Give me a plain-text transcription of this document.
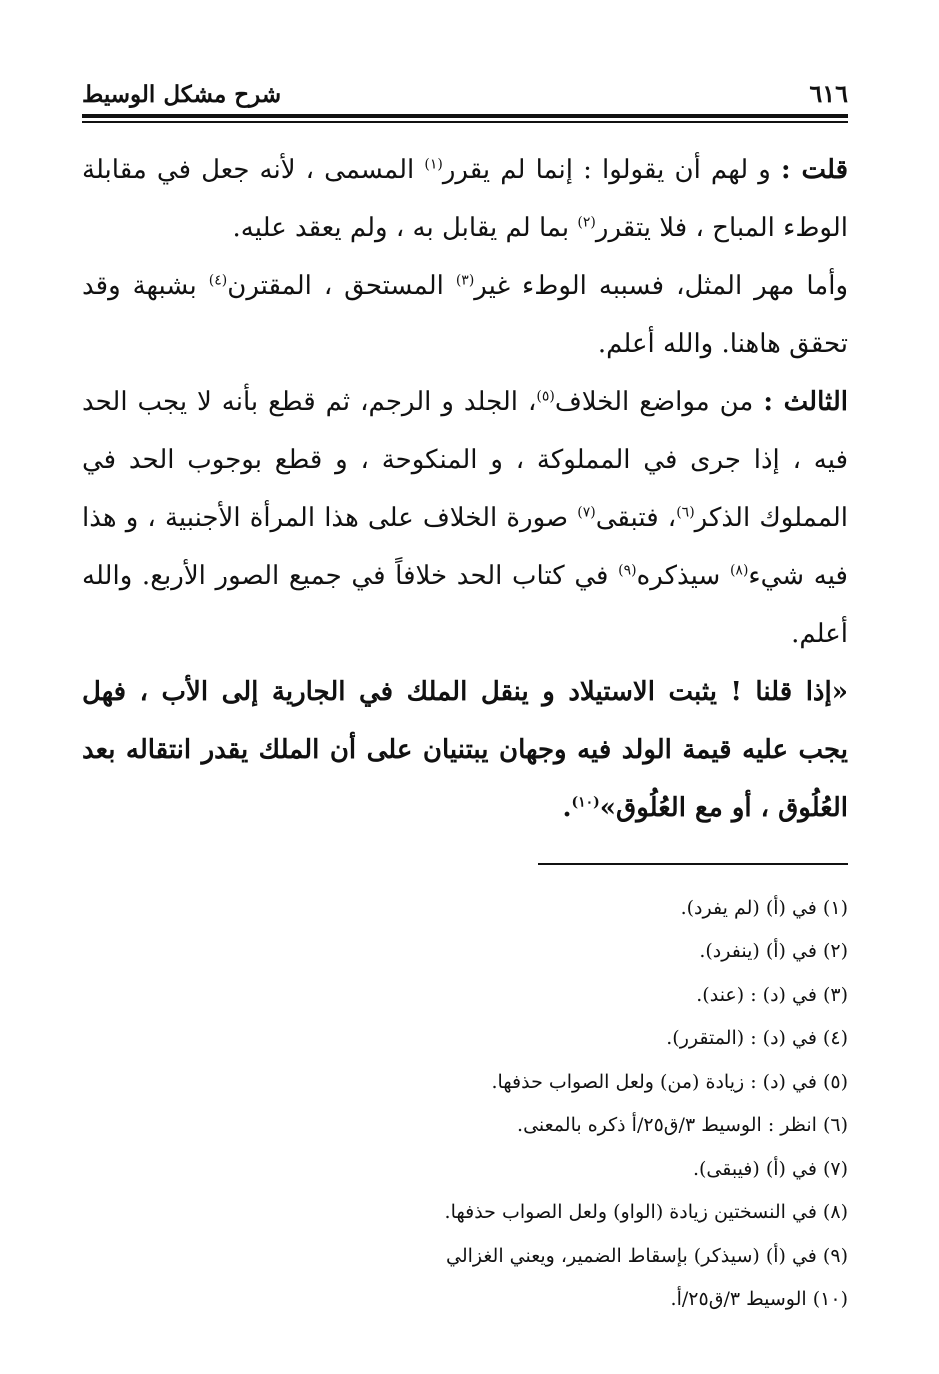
٦١٦
شرح مشكل الوسيط

قلت : و لهم أن يقولوا : إنما لم يقرر$^{(١)}$ المسمى ، لأنه جعل في مقابلة الوطء المباح ، فلا يتقرر$^{(٢)}$ بما لم يقابل به ، ولم يعقد عليه.

وأما مهر المثل، فسببه الوطء غير$^{(٣)}$ المستحق ، المقترن$^{(٤)}$ بشبهة وقد تحقق هاهنا. والله أعلم.

الثالث : من مواضع الخلاف$^{(٥)}$، الجلد و الرجم، ثم قطع بأنه لا يجب الحد فيه ، إذا جرى في المملوكة ، و المنكوحة ، و قطع بوجوب الحد في المملوك الذكر$^{(٦)}$، فتبقى$^{(٧)}$ صورة الخلاف على هذا المرأة الأجنبية ، و هذا فيه شيء$^{(٨)}$ سيذكره$^{(٩)}$ في كتاب الحد خلافاً في جميع الصور الأربع. والله أعلم.

«إذا قلنا ! يثبت الاستيلاد و ينقل الملك في الجارية إلى الأب ، فهل يجب عليه قيمة الولد فيه وجهان يبتنيان على أن الملك يقدر انتقاله بعد العُلُوق ، أو مع العُلُوق»$^{(١٠)}$.

(١) في (أ) (لم يفرد).
(٢) في (أ) (ينفرد).
(٣) في (د) : (عند).
(٤) في (د) : (المتقرر).
(٥) في (د) : زيادة (من) ولعل الصواب حذفها.
(٦) انظر : الوسيط ٣/ق٢٥/أ ذكره بالمعنى.
(٧) في (أ) (فيبقى).
(٨) في النسختين زيادة (الواو) ولعل الصواب حذفها.
(٩) في (أ) (سيذكر) بإسقاط الضمير، ويعني الغزالي
(١٠) الوسيط ٣/ق٢٥/أ.
